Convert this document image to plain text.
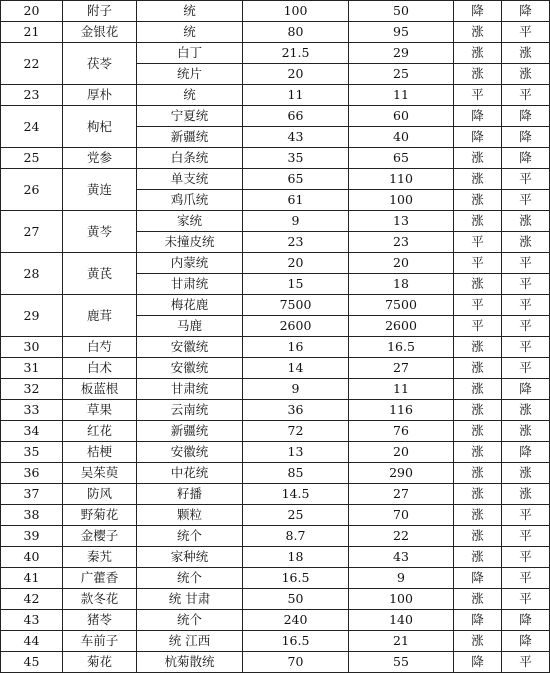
20	附子	统	100	50	降	降
21	金银花	统	80	95	涨	平
22	茯苓	白丁	21.5	29	涨	涨
		统片	20	25	涨	涨
23	厚朴	统	11	11	平	平
24	枸杞	宁夏统	66	60	降	降
		新疆统	43	40	降	降
25	党参	白条统	35	65	涨	降
26	黄连	单支统	65	110	涨	平
		鸡爪统	61	100	涨	平
27	黄芩	家统	9	13	涨	涨
		未撞皮统	23	23	平	涨
28	黄芪	内蒙统	20	20	平	平
		甘肃统	15	18	涨	平
29	鹿茸	梅花鹿	7500	7500	平	平
		马鹿	2600	2600	平	平
30	白芍	安徽统	16	16.5	涨	平
31	白术	安徽统	14	27	涨	平
32	板蓝根	甘肃统	9	11	涨	降
33	草果	云南统	36	116	涨	涨
34	红花	新疆统	72	76	涨	涨
35	桔梗	安徽统	13	20	涨	降
36	吴茱萸	中花统	85	290	涨	涨
37	防风	籽播	14.5	27	涨	涨
38	野菊花	颗粒	25	70	涨	平
39	金樱子	统个	8.7	22	涨	平
40	秦艽	家种统	18	43	涨	平
41	广藿香	统个	16.5	9	降	平
42	款冬花	统 甘肃	50	100	涨	平
43	猪苓	统个	240	140	降	降
44	车前子	统 江西	16.5	21	涨	降
45	菊花	杭菊散统	70	55	降	平
